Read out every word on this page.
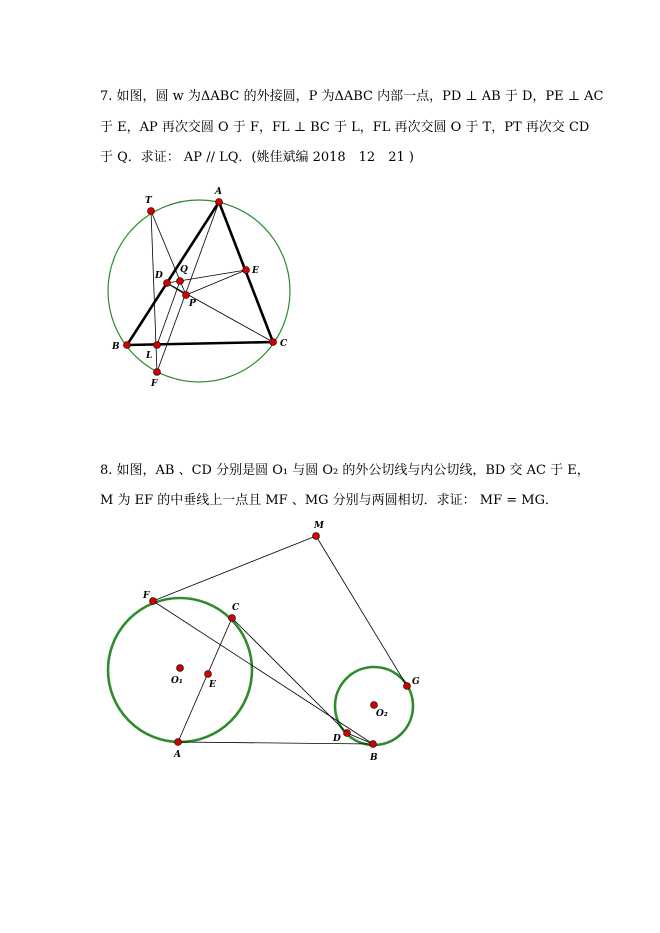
7. 如图，圆 w 为ΔABC 的外接圆，P 为ΔABC 内部一点，PD ⊥ AB 于 D，PE ⊥ AC
于 E，AP 再次交圆 O 于 F，FL ⊥ BC 于 L，FL 再次交圆 O 于 T，PT 再次交 CD
于 Q．求证： AP // LQ．(姚佳斌编 2018　12　21 )
A
T
E
D
Q
P
B	C
L
F
8. 如图，AB 、CD 分别是圆 O₁ 与圆 O₂ 的外公切线与内公切线，BD 交 AC 于 E，
M 为 EF 的中垂线上一点且 MF 、MG 分别与两圆相切．求证： MF = MG．
M
F
C
O₁	E	G
O₂
D
A	B
